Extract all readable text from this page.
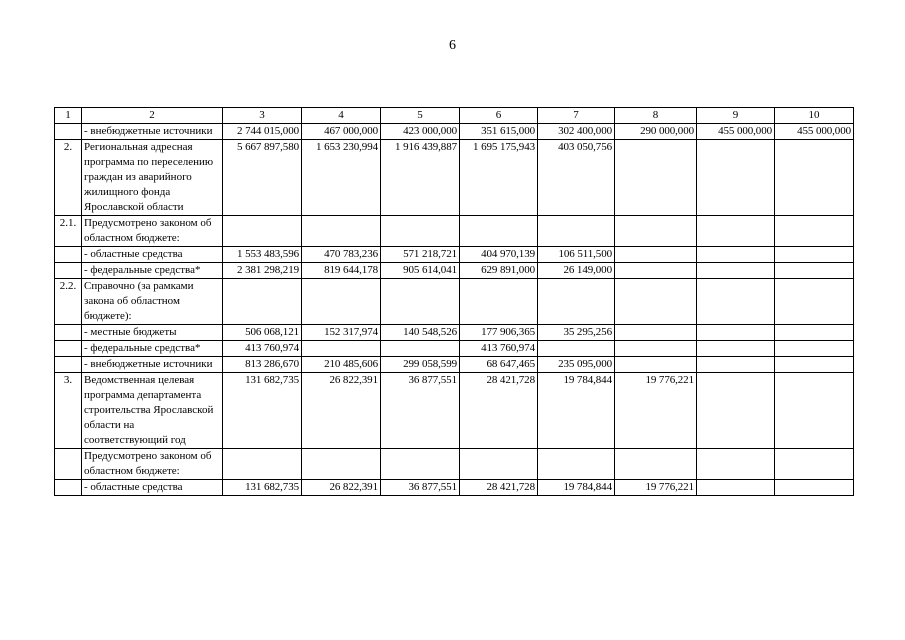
6
1	2	3	4	5	6	7	8	9	10
	- внебюджетные источники	2 744 015,000	467 000,000	423 000,000	351 615,000	302 400,000	290 000,000	455 000,000	455 000,000
2.	Региональная адресная программа по переселению граждан из аварийного жилищного фонда Ярославской области	5 667 897,580	1 653 230,994	1 916 439,887	1 695 175,943	403 050,756			
2.1.	Предусмотрено законом об областном бюджете:								
	- областные средства	1 553 483,596	470 783,236	571 218,721	404 970,139	106 511,500			
	- федеральные средства*	2 381 298,219	819 644,178	905 614,041	629 891,000	26 149,000			
2.2.	Справочно (за рамками закона об областном бюджете):								
	- местные бюджеты	506 068,121	152 317,974	140 548,526	177 906,365	35 295,256			
	- федеральные средства*	413 760,974			413 760,974				
	- внебюджетные источники	813 286,670	210 485,606	299 058,599	68 647,465	235 095,000			
3.	Ведомственная целевая программа департамента строительства Ярославской области на соответствующий год	131 682,735	26 822,391	36 877,551	28 421,728	19 784,844	19 776,221		
	Предусмотрено законом об областном бюджете:								
	- областные средства	131 682,735	26 822,391	36 877,551	28 421,728	19 784,844	19 776,221		
